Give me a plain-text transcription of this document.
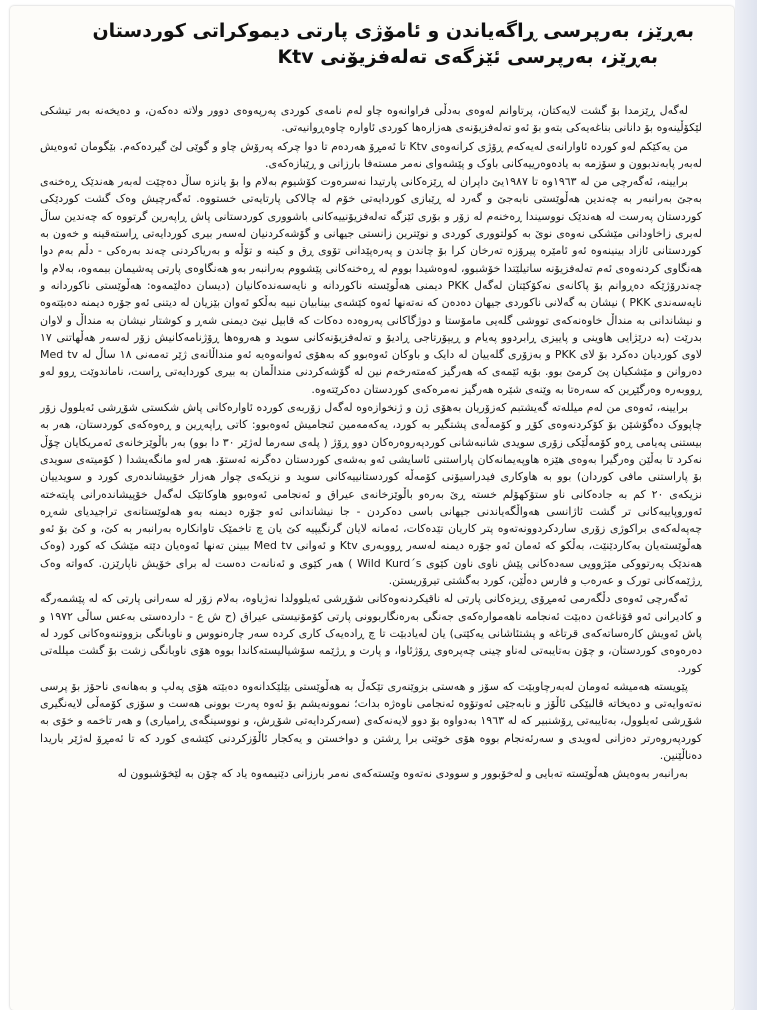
بەڕێز، بەرپرسی ڕاگەیاندن و ئامۆژی پارتی دیموکراتی کوردستان
بەڕێز، بەرپرسی ئێزگەی تەلەفزیۆنی Ktv

لەگەل ڕێزمدا بۆ گشت لایەکتان، پرتاوانم لەوەی بەدڵی فراوانەوە چاو لەم نامەی کوردی پەرپەوەی دوور ولاتە دەکەن، و دەیخەنە بەر تیشکی لێکۆڵینەوە بۆ دانانی بناغەیەکی بتەو بۆ ئەو تەلەفزیۆنەی هەزارەها کوردی ئاوارە چاوەڕوانیەتی.

من یەکێکم لەو کوردە ئاوارانەی لەیەکەم ڕۆژی کرانەوەی Ktv تا ئەمڕۆ هەردەم تا دوا چرکە پەرۆش چاو و گوێی لێ گیردەکەم. بێگومان ئەوەیش لەبەر پابەندبوون و سۆزمە بە یادەوەرییەکانی باوک و پێشەوای نەمر مستەفا بارزانی و ڕێبازەکەی.

برایینە، ئەگەرچی من لە ١٩٦٣وە تا ١٩٨٧یێ داپران لە ڕێزەکانی پارتیدا نەسرەوت کۆشیوم بەلام وا بۆ یانزە ساڵ دەچێت لەبەر هەندێک ڕەخنەی بەجێ بەرانبەر بە چەندین هەڵوێستی نابەجێ و گەرد لە ڕێبازی کوردایەتی خۆم لە چالاکی پارتایەتی خستووە. ئەگەرچیش وەک گشت کوردێکی کوردستان پەرست لە هەندێک نووسیندا ڕەخنەم لە زۆر و بۆری ئێزگە تەلەفزیۆنییەکانی باشووری کوردستانی پاش ڕاپەرین گرتووە کە چەندین ساڵ لەبری زاخاودانی مێشکی نەوەی نوێ بە کولتووری کوردی و نوێترین زانستی جیهانی و گۆشەکردنیان لەسەر بیری کوردایەتی ڕاستەقینە و خەون بە کوردستانی ئازاد بینینەوە ئەو ئامێرە پیرۆزە تەرخان کرا بۆ چاندن و پەرەپێدانی تۆوی ڕق و کینە و تۆڵە و بەریاکردنی چەند بەرەکی - دڵم بەم دوا هەنگاوی کردنەوەی ئەم تەلەفزیۆنە ساتیلێتدا خۆشبوو، لەوەشیدا بووم لە ڕەخنەکانی پێشووم بەرانبەر بەو هەنگاوەی پارتی پەشیمان ببمەوە، بەلام وا چەندرۆژێکە دەڕوانم بۆ پاکانەی نەکۆکێتان لەگەل PKK دیمنی هەڵوێستە ناکوردانە و نایەسەندەکانیان (دیسان دەلێمەوە: هەڵوێستی ناکوردانە و نایەسەندی PKK ) نیشان بە گەلانی ناکوردی جیهان دەدەن کە نەتەنها ئەوە کێشەی بینابیان نییە بەڵکو ئەوان بێزیان لە دیتنی ئەو جۆرە دیمنە دەبێتەوە و نیشاندانی بە منداڵ خاوەنەکەی تووشی گلەیی مامۆستا و دوژگاکانی پەروەدە دەکات کە قابیل نیێ دیمنی شەڕ و کوشتار نیشان بە منداڵ و لاوان بدرێت (بە درێژایی هاوینی و پاییزی ڕابردوو پەیام و ڕیپۆرتاجی ڕادیۆ و تەلەفزیۆنەکانی سوید و هەروەها ڕۆژنامەکانیش زۆر لەسەر هەڵهاتنی ١٧ لاوی کوردیان دەکرد بۆ لای PKK و بەزۆری گلەییان لە دایک و باوکان ئەوەبوو کە بەهۆی ئەوانەوەیە ئەو منداڵانەی ژێر تەمەنی ١٨ ساڵ لە Med tv دەروانن و مێشکیان پێ کرمێ بوو. بۆیە ئێمەی کە هەرگیز کەمتەرخەم نین لە گۆشەکردنی منداڵمان بە بیری کوردایەتی ڕاست، ناماندوێت ڕوو لەو ڕووبەرە وەرگێڕین کە سەرەتا بە وێنەی شێرە هەرگیز نەمرەکەی کوردستان دەکرێتەوە.

برایینە، ئەوەی من لەم میللەتە گەیشتبم کەزۆریان بەهۆی ژن و ژنخوازەوە لەگەل زۆربەی کوردە ئاوارەکانی پاش شکستی شۆڕشی ئەیلوول زۆر چاپووک دەگۆشێن بۆ کۆکردنەوەی کۆڕ و کۆمەڵەی پشتگیر بە کورد، یەکەمەمین ئنجامیش ئەوەبوو: کاتی ڕاپەڕین و ڕەوەکەی کوردستان، هەر بە بیستنی پەیامی ڕەو کۆمەڵێکی زۆری سویدی شانبەشانی کوردپەروەرەکان دوو ڕۆژ ( پلەی سەرما لەژێر ٣٠ دا بوو) بەر باڵوێزخانەی ئەمریکایان چۆڵ نەکرد تا بەڵێن وەرگیرا بەوەی هێزە هاوپەیمانەکان پاراستنی ئاسایشی ئەو بەشەی کوردستان دەگرنە ئەستۆ. هەر لەو مانگەیشدا ( کۆمیتەی سویدی بۆ پاراستنی مافی کوردان) بوو بە هاوکاری فیدراسیۆنی کۆمەڵە کوردستانییەکانی سوید و نزیکەی چوار هەزار خۆپیشاندەری کورد و سویدییان نزیکەی ٢٠ کم بە جادەکانی ناو ستۆکهۆلم خستە ڕێ بەرەو باڵوێزخانەی عیراق و ئەنجامی ئەوەبوو هاوکاتێک لەگەل خۆپیشاندەرانی پایتەختە ئەوروپاییەکانی تر گشت ئاژانسی هەواڵگەیاندنی جیهانی باسی دەکردن - جا نیشاندانی ئەو جۆرە دیمنە بەو هەلوێستانەی تراجیدیای شەڕە چەپەلەکەی براکوژی زۆری ساردکردوونەتەوە پتر کاریان تێدەکات، ئەمانە لایان گرنگیپیە کێ یان چ تاخمێک تاوانکارە بەرانبەر بە کێ، و کێ بۆ ئەو هەڵوێستەیان بەکاردێنێت، بەڵکو کە ئەمان ئەو جۆرە دیمنە لەسەر ڕووبەری Ktv و ئەوانی Med tv ببینن تەنها ئەوەیان دێتە مێشک کە کورد (وەک هەندێک پەرتووکی مێژوویی سەدەکانی پێش ناوی ناون کێوی Wild Kurd´s ) هەر کێوی و ئەنانەت دەست لە برای خۆیش ناپارێزن. کەواتە وەک ڕژێمەکانی تورک و عەرەب و فارس دەڵێن، کورد بەگشتی تیرۆریستن.

ئەگەرچی ئەوەی دڵگەرمی ئەمڕۆی ڕیزەکانی پارتی لە ناقیکردنەوەکانی شۆڕشی ئەیلوولدا نەژیاوە، بەلام زۆر لە سەرانی پارتی کە لە پێشمەرگە و کادیرانی ئەو قۆناغەن دەبێت ئەنجامە ناهەموارەکەی جەنگی بەرەنگاربوونی پارتی کۆمۆنیستی عیراق (ح ش ع - داردەستی بەعس ساڵی ١٩٧٢ و پاش ئەویش کارەساتەکەی قرتاغە و پشتئاشانی یەکێتی) یان لەیادبێت تا چ ڕادەیەک کاری کردە سەر چارەنووس و ناوبانگی بزووتنەوەکانی کورد لە دەرەوەی کوردستان، و چۆن بەتایبەتی لەناو چینی چەپرەوی ڕۆژئاوا، و پارت و ڕژێمە سۆشیالیستەکاندا بووە هۆی ناوبانگی زشت بۆ گشت میللەتی کورد.

پێویستە هەمیشە ئەومان لەبەرچاوبێت کە سۆز و هەستی بزوێنەری تێکەڵ بە هەڵوێستی بێلێکدانەوە دەبێتە هۆی پەلپ و بەهانەی ناحۆز بۆ پرسی نەتەوایەتی و دەیخاتە قالبێکی ئاڵۆز و نابەجێی ئەوتۆوە ئەنجامی ناوەژە بدات؛ نموونەیشم بۆ ئەوە پەرت بوونی هەست و سۆزی کۆمەڵی لایەنگیری شۆڕشی ئەیلوول، بەتایبەتی ڕۆشنبیر کە لە ١٩٦٣ بەدواوە بۆ دوو لایەنەکەی (سەرکردایەتی شۆڕش، و نووسینگەی ڕامیاری) و هەر تاخمە و خۆی بە کوردپەروەرتر دەزانی لەویدی و سەرئەنجام بووە هۆی خوێنی برا ڕشتن و دواخستن و یەکجار ئاڵۆزکردنی کێشەی کورد کە تا ئەمڕۆ لەژێر باریدا دەناڵێنین.

بەرانبەر بەوەیش هەڵوێستە تەبایی و لەخۆبوور و سوودی نەتەوە وێستەکەی نەمر بارزانی دێنیمەوە یاد کە چۆن بە لێخۆشبوون لە
